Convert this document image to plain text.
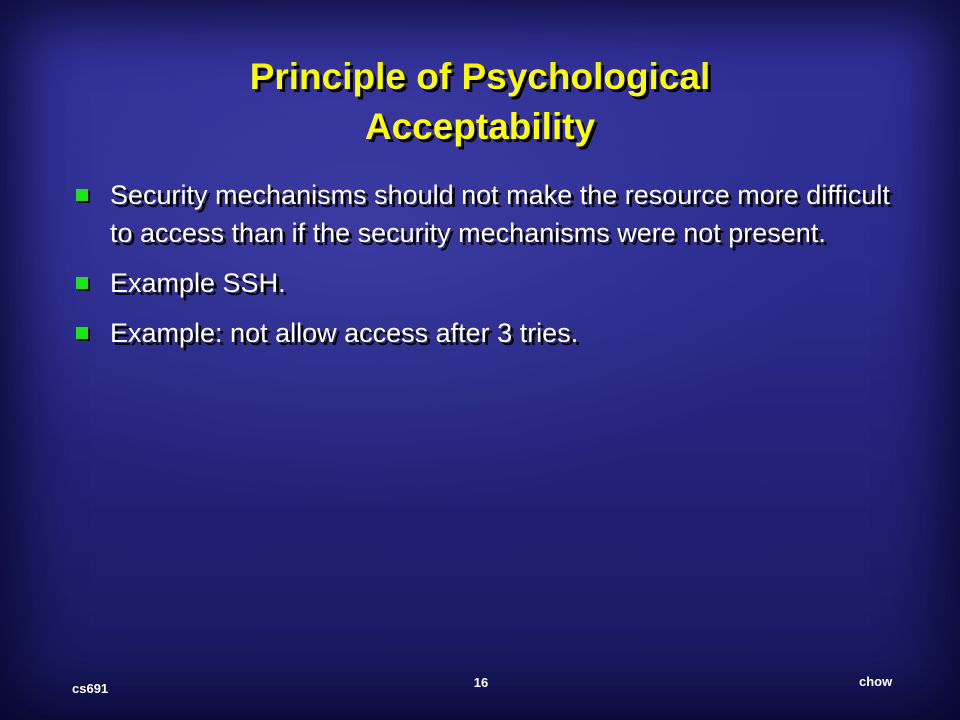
Principle of Psychological
Acceptability
Security mechanisms should not make the resource more difficult to access than if the security mechanisms were not present.
Example SSH.
Example: not allow access after 3 tries.
cs691	16	chow
